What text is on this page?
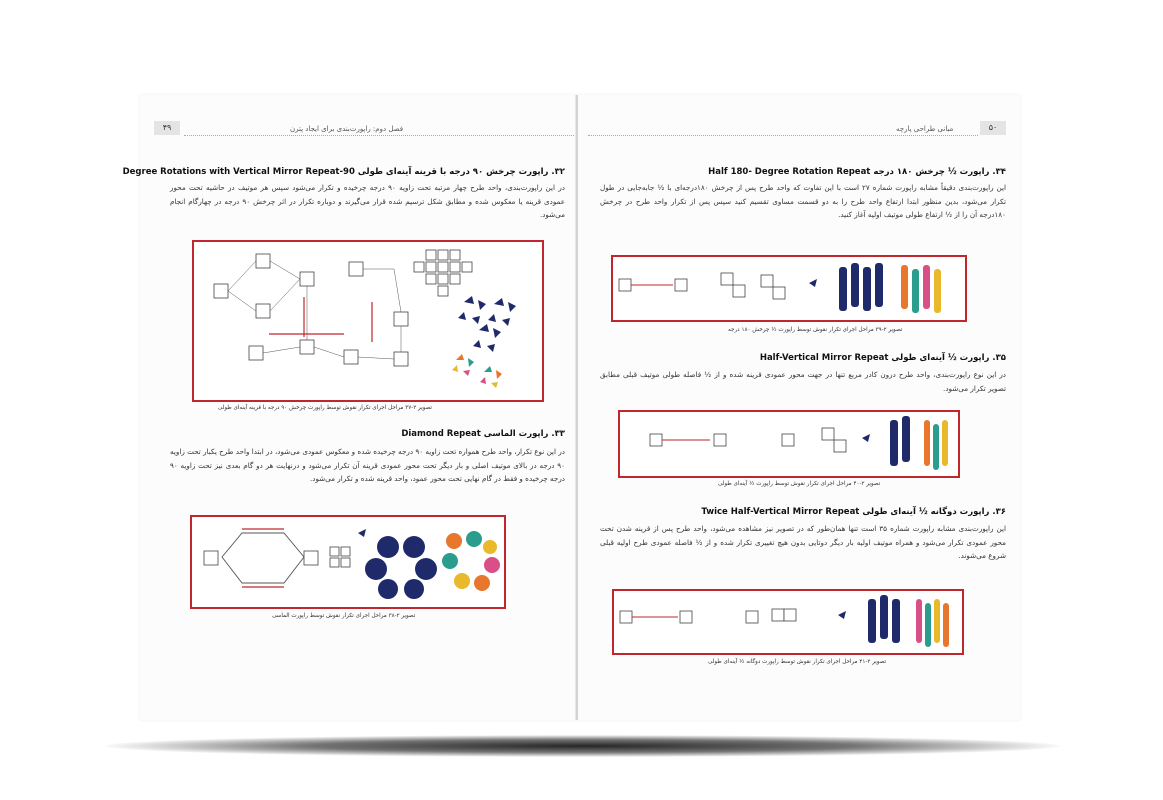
۴۹	فصل دوم: راپورت‌بندی برای ایجاد پترن
۳۲. راپورت چرخش ۹۰ درجه با قرینه آینه‌ای طولی 90-Degree Rotations with Vertical Mirror Repeat
در این راپورت‌بندی، واحد طرح چهار مرتبه تحت زاویه ۹۰ درجه چرخیده و تکرار می‌شود سپس هر موتیف در حاشیه تحت محور عمودی قرینه یا معکوس شده و مطابق شکل ترسیم شده قرار می‌گیرند و دوباره تکرار در اثر چرخش ۹۰ درجه در چهارگام انجام می‌شود.
تصویر ۲-۳۷ مراحل اجرای تکرار نقوش توسط راپورت چرخش ۹۰ درجه با قرینه آینه‌ای طولی
۳۳. راپورت الماسی Diamond Repeat
در این نوع تکرار، واحد طرح همواره تحت زاویه ۹۰ درجه چرخیده شده و معکوس عمودی می‌شود، در ابتدا واحد طرح یکبار تحت زاویه ۹۰ درجه در بالای موتیف اصلی و بار دیگر تحت محور عمودی قرینه آن تکرار می‌شود و درنهایت هر دو گام بعدی نیز تحت زاویه ۹۰ درجه چرخیده و فقط در گام نهایی تحت محور عمود، واحد قرینه شده و تکرار می‌شود.
تصویر ۲-۳۸ مراحل اجرای تکرار نقوش توسط راپورت الماسی
مبانی طراحی پارچه	۵۰
۳۴. راپورت ½ چرخش ۱۸۰ درجه Half 180- Degree Rotation Repeat
این راپورت‌بندی دقیقاً مشابه راپورت شماره ۲۷ است با این تفاوت که واحد طرح پس از چرخش ۱۸۰درجه‌ای با ½ جابه‌جایی در طول تکرار می‌شود، بدین منظور ابتدا ارتفاع واحد طرح را به دو قسمت مساوی تقسیم کنید سپس پس از تکرار واحد طرح در چرخش ۱۸۰درجه آن را از ½ ارتفاع طولی موتیف اولیه آغاز کنید.
تصویر ۲-۳۹ مراحل اجرای تکرار نقوش توسط راپورت ½ چرخش ۱۸۰ درجه
۳۵. راپورت ½ آینه‌ای طولی Half-Vertical Mirror Repeat
در این نوع راپورت‌بندی، واحد طرح درون کادر مربع تنها در جهت محور عمودی قرینه شده و از ½ فاصله طولی موتیف قبلی مطابق تصویر تکرار می‌شود.
تصویر ۲-۴۰ مراحل اجرای تکرار نقوش توسط راپورت ½ آینه‌ای طولی
۳۶. راپورت دوگانه ½ آینه‌ای طولی Twice Half-Vertical Mirror Repeat
این راپورت‌بندی مشابه راپورت شماره ۳۵ است تنها همان‌طور که در تصویر نیز مشاهده می‌شود، واحد طرح پس از قرینه شدن تحت محور عمودی تکرار می‌شود و همراه موتیف اولیه بار دیگر دوتایی بدون هیچ تغییری تکرار شده و از ½ فاصله عمودی طرح اولیه قبلی شروع می‌شوند.
تصویر ۲-۴۱ مراحل اجرای تکرار نقوش توسط راپورت دوگانه ½ آینه‌ای طولی
